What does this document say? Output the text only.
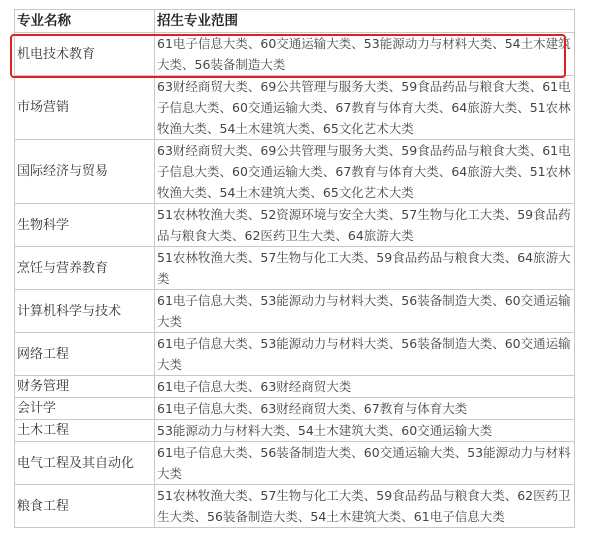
专业名称	招生专业范围
机电技术教育	61电子信息大类、60交通运输大类、53能源动力与材料大类、54土木建筑大类、56装备制造大类
市场营销	63财经商贸大类、69公共管理与服务大类、59食品药品与粮食大类、61电子信息大类、60交通运输大类、67教育与体育大类、64旅游大类、51农林牧渔大类、54土木建筑大类、65文化艺术大类
国际经济与贸易	63财经商贸大类、69公共管理与服务大类、59食品药品与粮食大类、61电子信息大类、60交通运输大类、67教育与体育大类、64旅游大类、51农林牧渔大类、54土木建筑大类、65文化艺术大类
生物科学	51农林牧渔大类、52资源环境与安全大类、57生物与化工大类、59食品药品与粮食大类、62医药卫生大类、64旅游大类
烹饪与营养教育	51农林牧渔大类、57生物与化工大类、59食品药品与粮食大类、64旅游大类
计算机科学与技术	61电子信息大类、53能源动力与材料大类、56装备制造大类、60交通运输大类
网络工程	61电子信息大类、53能源动力与材料大类、56装备制造大类、60交通运输大类
财务管理	61电子信息大类、63财经商贸大类
会计学	61电子信息大类、63财经商贸大类、67教育与体育大类
土木工程	53能源动力与材料大类、54土木建筑大类、60交通运输大类
电气工程及其自动化	61电子信息大类、56装备制造大类、60交通运输大类、53能源动力与材料大类
粮食工程	51农林牧渔大类、57生物与化工大类、59食品药品与粮食大类、62医药卫生大类、56装备制造大类、54土木建筑大类、61电子信息大类
